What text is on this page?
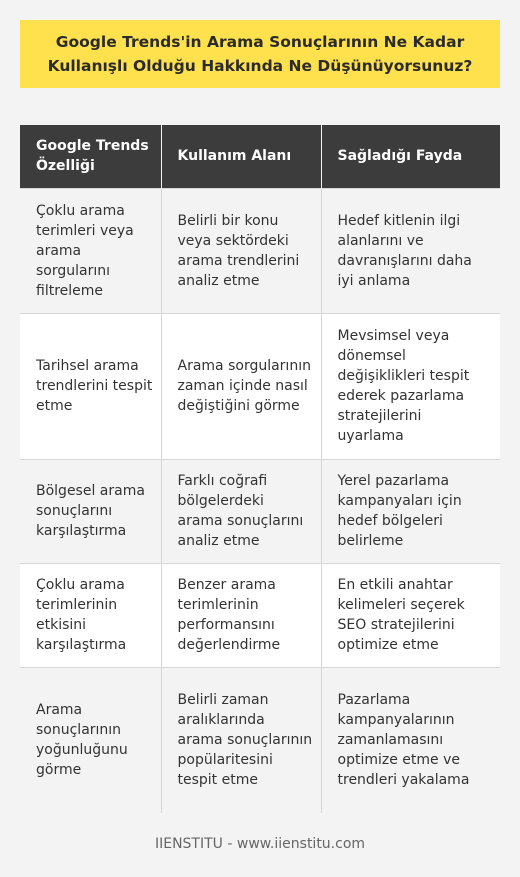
Google Trends'in Arama Sonuçlarının Ne Kadar Kullanışlı Olduğu Hakkında Ne Düşünüyorsunuz?
Google Trends Özelliği	Kullanım Alanı	Sağladığı Fayda
Çoklu arama terimleri veya arama sorgularını filtreleme	Belirli bir konu veya sektördeki arama trendlerini analiz etme	Hedef kitlenin ilgi alanlarını ve davranışlarını daha iyi anlama
Tarihsel arama trendlerini tespit etme	Arama sorgularının zaman içinde nasıl değiştiğini görme	Mevsimsel veya dönemsel değişiklikleri tespit ederek pazarlama stratejilerini uyarlama
Bölgesel arama sonuçlarını karşılaştırma	Farklı coğrafi bölgelerdeki arama sonuçlarını analiz etme	Yerel pazarlama kampanyaları için hedef bölgeleri belirleme
Çoklu arama terimlerinin etkisini karşılaştırma	Benzer arama terimlerinin performansını değerlendirme	En etkili anahtar kelimeleri seçerek SEO stratejilerini optimize etme
Arama sonuçlarının yoğunluğunu görme	Belirli zaman aralıklarında arama sonuçlarının popülaritesini tespit etme	Pazarlama kampanyalarının zamanlamasını optimize etme ve trendleri yakalama
IIENSTITU - www.iienstitu.com
